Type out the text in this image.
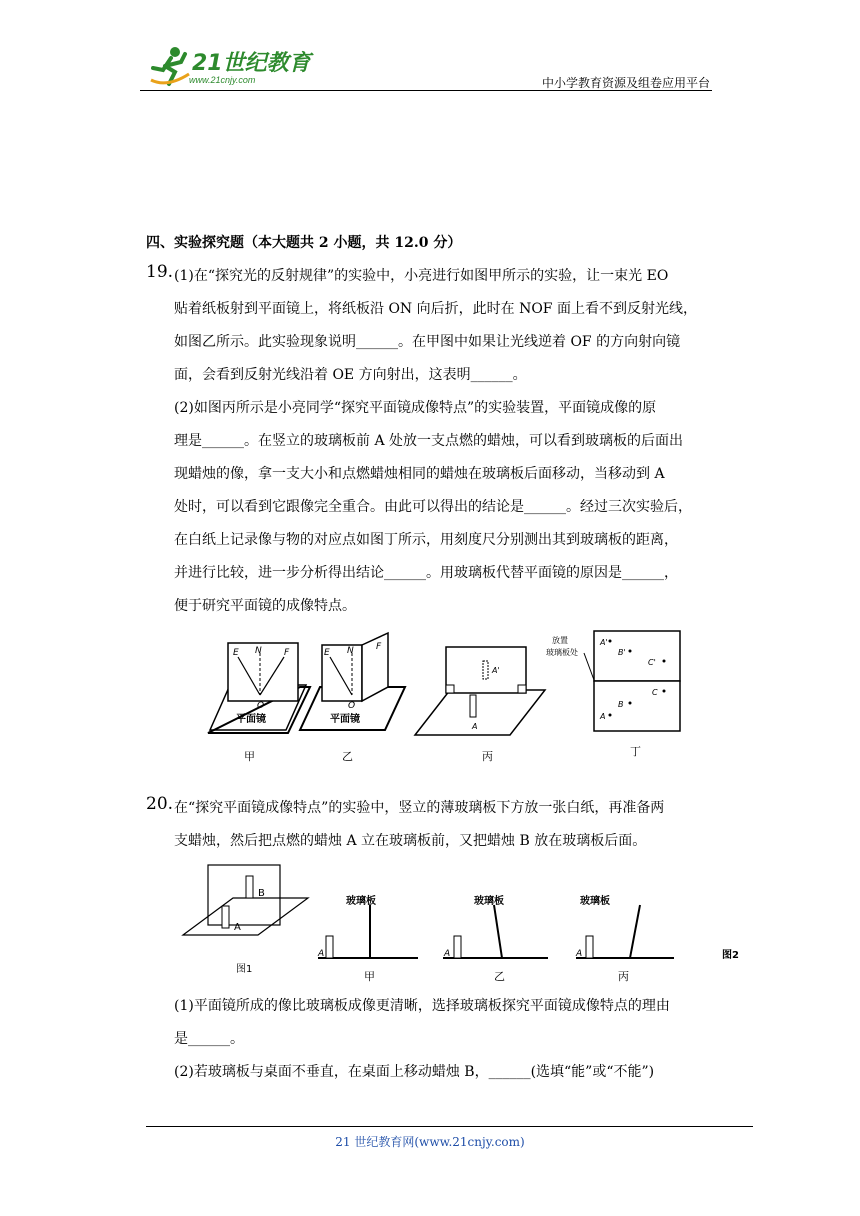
21世纪教育
www.21cnjy.com	中小学教育资源及组卷应用平台
四、实验探究题（本大题共 2 小题，共 12.0 分）
19. (1)在“探究光的反射规律”的实验中，小亮进行如图甲所示的实验，让一束光 EO
贴着纸板射到平面镜上，将纸板沿 ON 向后折，此时在 NOF 面上看不到反射光线，
如图乙所示。此实验现象说明______。在甲图中如果让光线逆着 OF 的方向射向镜
面，会看到反射光线沿着 OE 方向射出，这表明______。
(2)如图丙所示是小亮同学“探究平面镜成像特点”的实验装置，平面镜成像的原
理是______。在竖立的玻璃板前 A 处放一支点燃的蜡烛，可以看到玻璃板的后面出
现蜡烛的像，拿一支大小和点燃蜡烛相同的蜡烛在玻璃板后面移动，当移动到 A
处时，可以看到它跟像完全重合。由此可以得出的结论是______。经过三次实验后，
在白纸上记录像与物的对应点如图丁所示，用刻度尺分别测出其到玻璃板的距离，
并进行比较，进一步分析得出结论______。用玻璃板代替平面镜的原因是______，
便于研究平面镜的成像特点。
E N F
O
平面镜
甲
E N F
O
平面镜
乙
A
A'
丙
放置
玻璃板处
A'
B'
C'
C
B
A
丁
20. 在“探究平面镜成像特点”的实验中，竖立的薄玻璃板下方放一张白纸，再准备两
支蜡烛，然后把点燃的蜡烛 A 立在玻璃板前，又把蜡烛 B 放在玻璃板后面。
B
A
图1
A
玻璃板
甲
A
玻璃板
乙
A
玻璃板
丙
图2
(1)平面镜所成的像比玻璃板成像更清晰，选择玻璃板探究平面镜成像特点的理由
是______。
(2)若玻璃板与桌面不垂直，在桌面上移动蜡烛 B，______(选填“能”或“不能”)
21 世纪教育网(www.21cnjy.com)
